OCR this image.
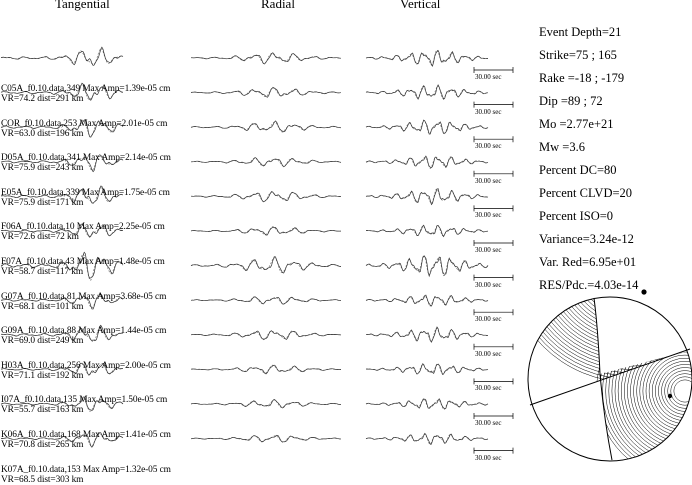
Tangential	Radial	Vertical
C05A_f0.10.data,349 Max Amp=1.39e-05 cm
VR=74.2 dist=291 km
COR_f0.10.data,253 Max Amp=2.01e-05 cm
VR=63.0 dist=196 km
D05A_f0.10.data,341 Max Amp=2.14e-05 cm
VR=75.9 dist=243 km
E05A_f0.10.data,339 Max Amp=1.75e-05 cm
VR=75.9 dist=171 km
F06A_f0.10.data,10 Max Amp=2.25e-05 cm
VR=72.6 dist=72 km
F07A_f0.10.data,43 Max Amp=1.48e-05 cm
VR=58.7 dist=117 km
G07A_f0.10.data,81 Max Amp=3.68e-05 cm
VR=68.1 dist=101 km
G09A_f0.10.data,88 Max Amp=1.44e-05 cm
VR=69.0 dist=249 km
H03A_f0.10.data,256 Max Amp=2.00e-05 cm
VR=71.1 dist=192 km
I07A_f0.10.data,135 Max Amp=1.50e-05 cm
VR=55.7 dist=163 km
K06A_f0.10.data,168 Max Amp=1.41e-05 cm
VR=70.8 dist=265 km
K07A_f0.10.data,153 Max Amp=1.32e-05 cm
VR=68.5 dist=303 km
30.00 sec
30.00 sec
30.00 sec
30.00 sec
30.00 sec
30.00 sec
30.00 sec
30.00 sec
30.00 sec
30.00 sec
30.00 sec
30.00 sec
Event Depth=21
Strike=75 ; 165
Rake =-18 ; -179
Dip =89 ; 72
Mo =2.77e+21
Mw =3.6
Percent DC=80
Percent CLVD=20
Percent ISO=0
Variance=3.24e-12
Var. Red=6.95e+01
RES/Pdc.=4.03e-14
